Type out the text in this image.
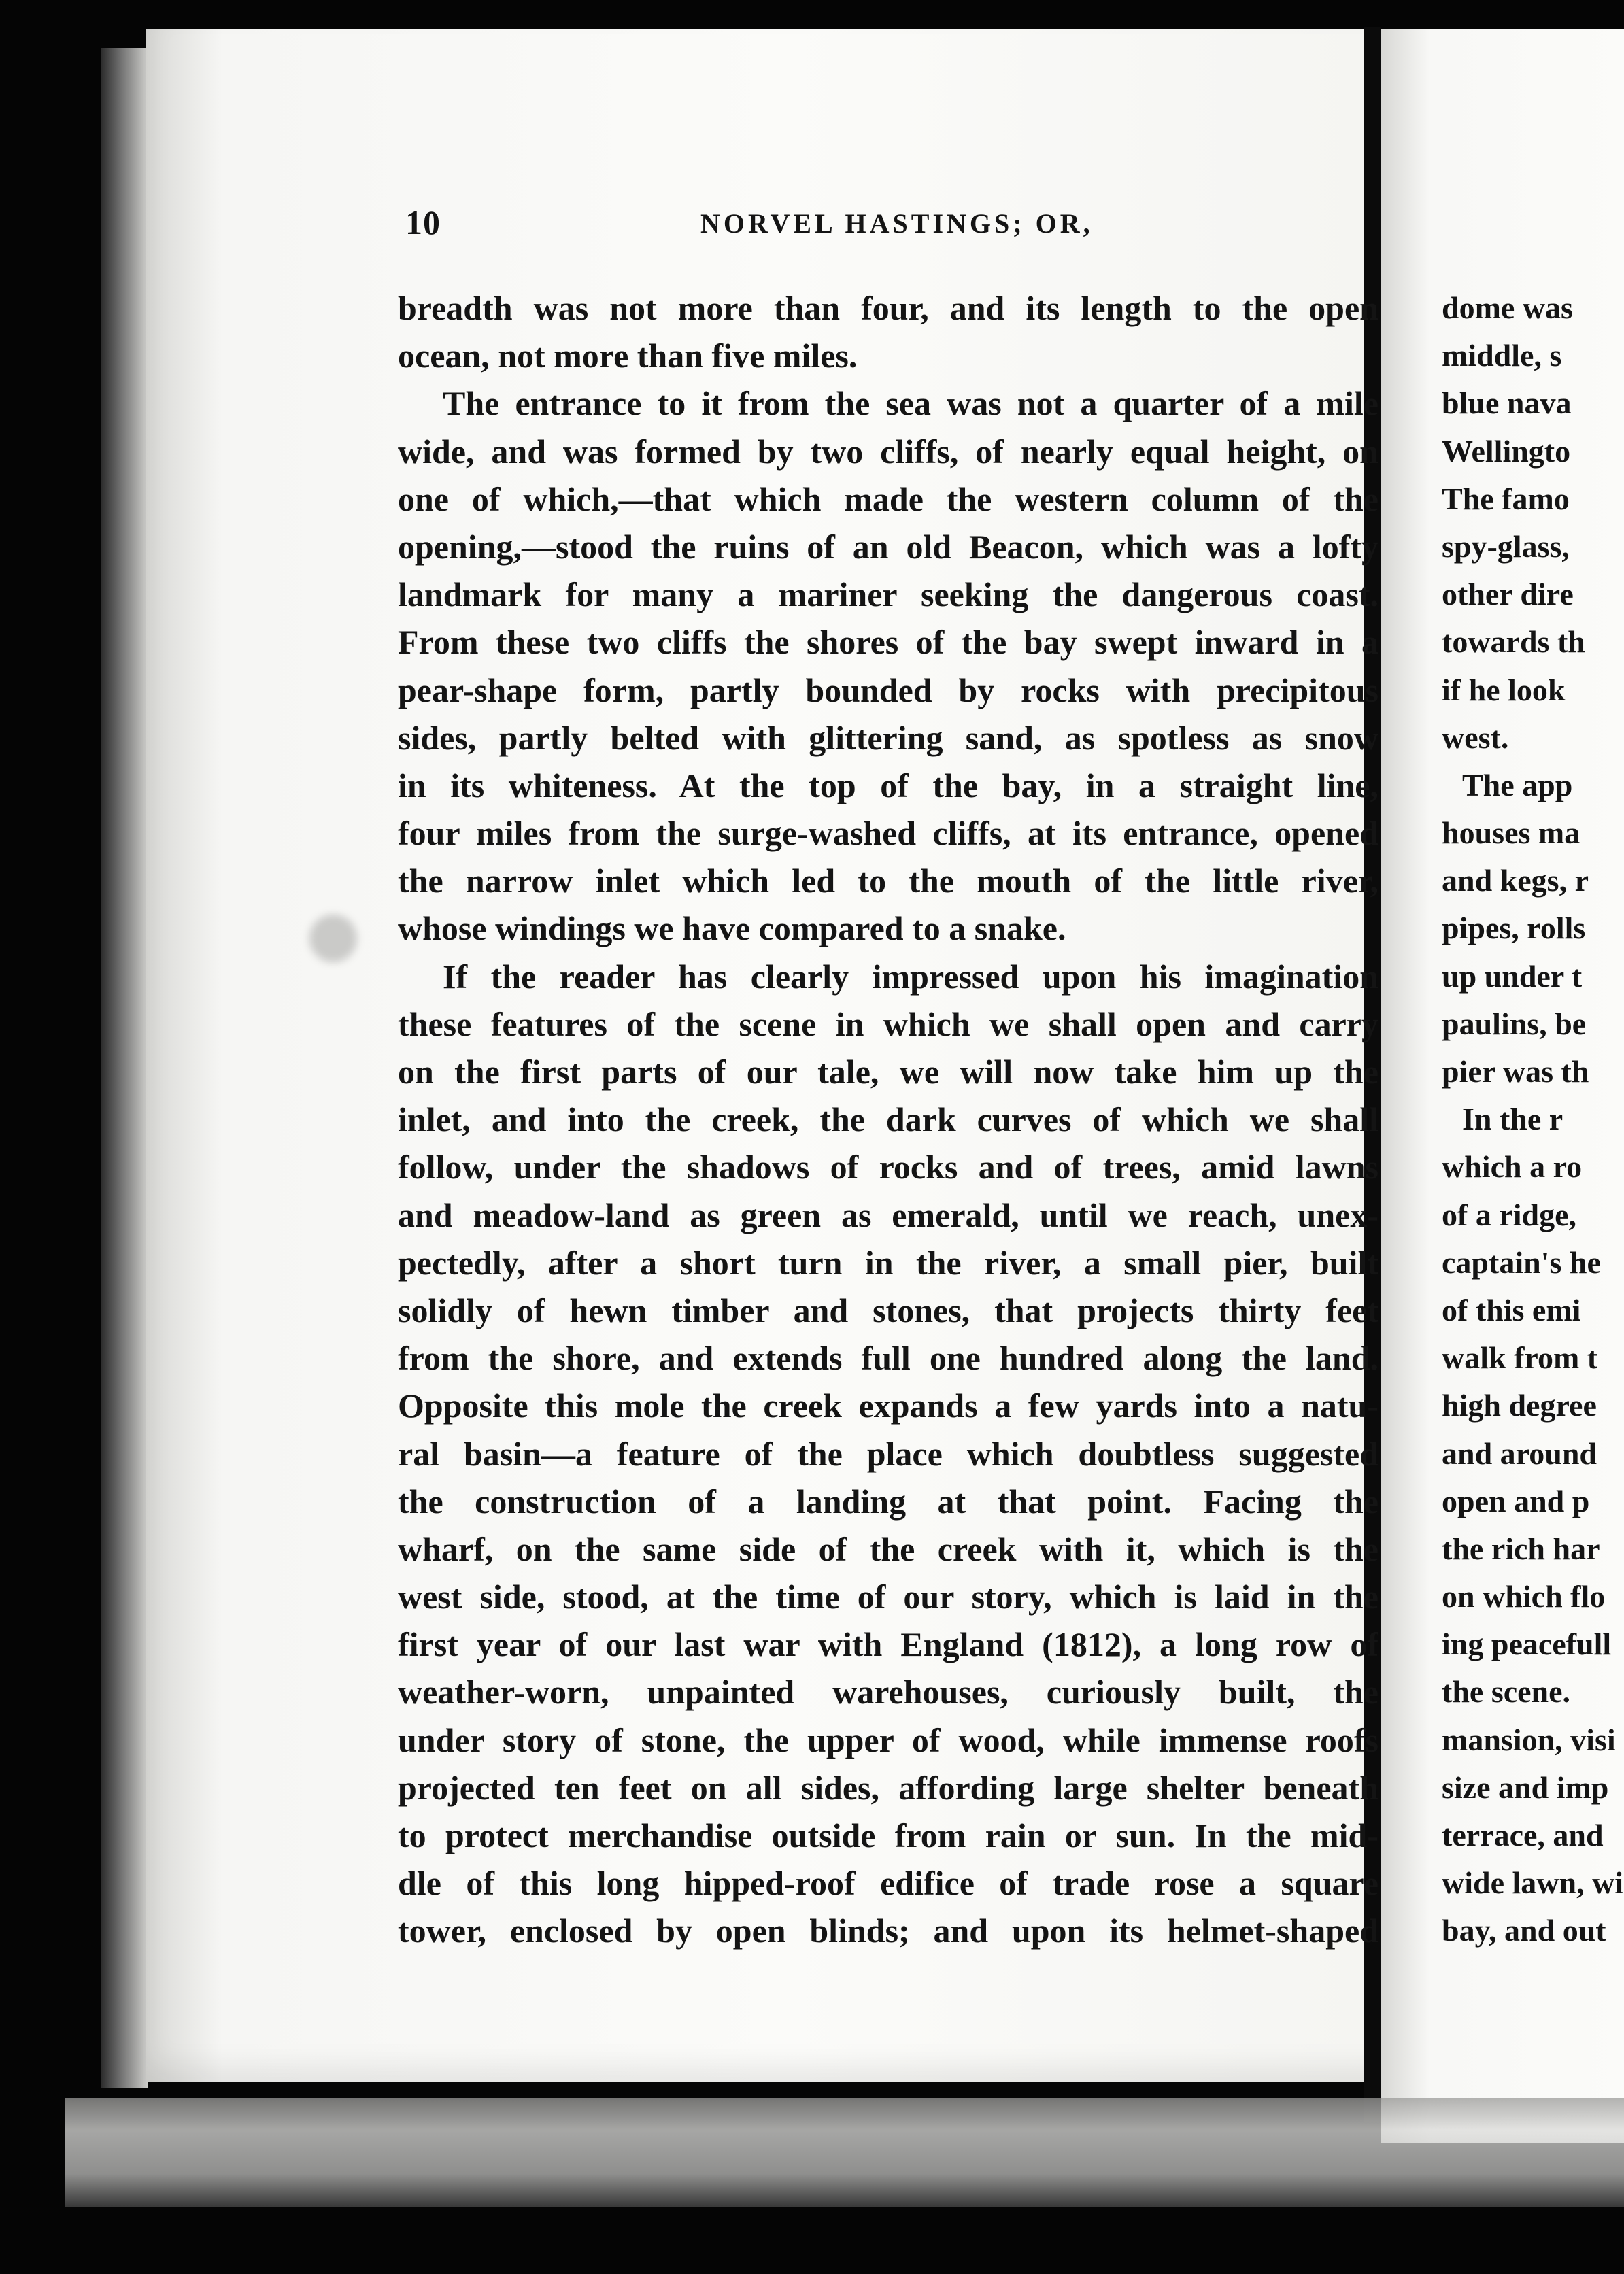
10	NORVEL HASTINGS; OR,
breadth was not more than four, and its length to the open
ocean, not more than five miles.
The entrance to it from the sea was not a quarter of a mile
wide, and was formed by two cliffs, of nearly equal height, on
one of which,—that which made the western column of the
opening,—stood the ruins of an old Beacon, which was a lofty
landmark for many a mariner seeking the dangerous coast.
From these two cliffs the shores of the bay swept inward in a
pear-shape form, partly bounded by rocks with precipitous
sides, partly belted with glittering sand, as spotless as snow
in its whiteness. At the top of the bay, in a straight line,
four miles from the surge-washed cliffs, at its entrance, opened
the narrow inlet which led to the mouth of the little river,
whose windings we have compared to a snake.
If the reader has clearly impressed upon his imagination
these features of the scene in which we shall open and carry
on the first parts of our tale, we will now take him up the
inlet, and into the creek, the dark curves of which we shall
follow, under the shadows of rocks and of trees, amid lawns
and meadow-land as green as emerald, until we reach, unex-
pectedly, after a short turn in the river, a small pier, built
solidly of hewn timber and stones, that projects thirty feet
from the shore, and extends full one hundred along the land.
Opposite this mole the creek expands a few yards into a natu-
ral basin—a feature of the place which doubtless suggested
the construction of a landing at that point. Facing the
wharf, on the same side of the creek with it, which is the
west side, stood, at the time of our story, which is laid in the
first year of our last war with England (1812), a long row of
weather-worn, unpainted warehouses, curiously built, the
under story of stone, the upper of wood, while immense roofs
projected ten feet on all sides, affording large shelter beneath
to protect merchandise outside from rain or sun. In the mid-
dle of this long hipped-roof edifice of trade rose a square
tower, enclosed by open blinds; and upon its helmet-shaped
dome was
middle, s
blue nava
Wellingto
The famo
spy-glass,
other dire
towards th
if he look
west.
The app
houses ma
and kegs, r
pipes, rolls
up under t
paulins, be
pier was th
In the r
which a ro
of a ridge,
captain's he
of this emi
walk from t
high degree
and around
open and p
the rich har
on which flo
ing peacefull
the scene.
mansion, visi
size and imp
terrace, and
wide lawn, wi
bay, and out
